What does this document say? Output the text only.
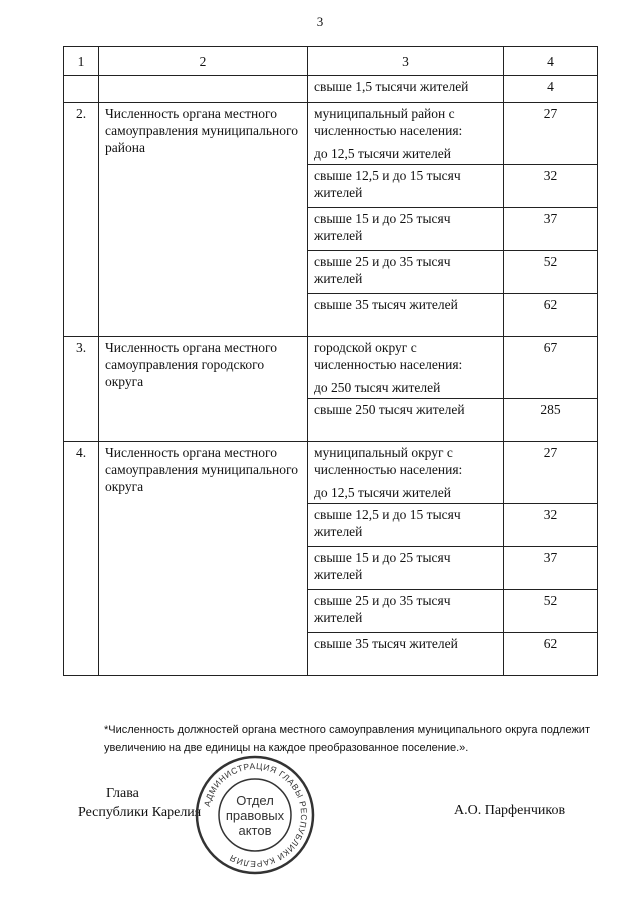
3
1	2	3	4
		свыше 1,5 тысячи жителей	4
2.	Численность органа местного самоуправления муниципального района	муниципальный район с численностью населения:
до 12,5 тысячи жителей	27

		свыше 12,5 и до 15 тысяч жителей	32

		свыше 15 и до 25 тысяч жителей	37

		свыше 25 и до 35 тысяч жителей	52

		свыше 35 тысяч жителей	62
3.	Численность органа местного самоуправления городского округа	городской округ с численностью населения:
до 250 тысяч жителей	67

		свыше 250 тысяч жителей	285
4.	Численность органа местного самоуправления муниципального округа	муниципальный округ с численностью населения:
до 12,5 тысячи жителей	27

		свыше 12,5 и до 15 тысяч жителей	32

		свыше 15 и до 25 тысяч жителей	37

		свыше 25 и до 35 тысяч жителей	52

		свыше 35 тысяч жителей	62
*Численность должностей органа местного самоуправления муниципального округа подлежит увеличению на две единицы на каждое преобразованное поселение.».
Глава
Республики Карелия	А.О. Парфенчиков
АДМИНИСТРАЦИЯ ГЛАВЫ РЕСПУБЛИКИ КАРЕЛИЯ
Отдел
правовых
актов
